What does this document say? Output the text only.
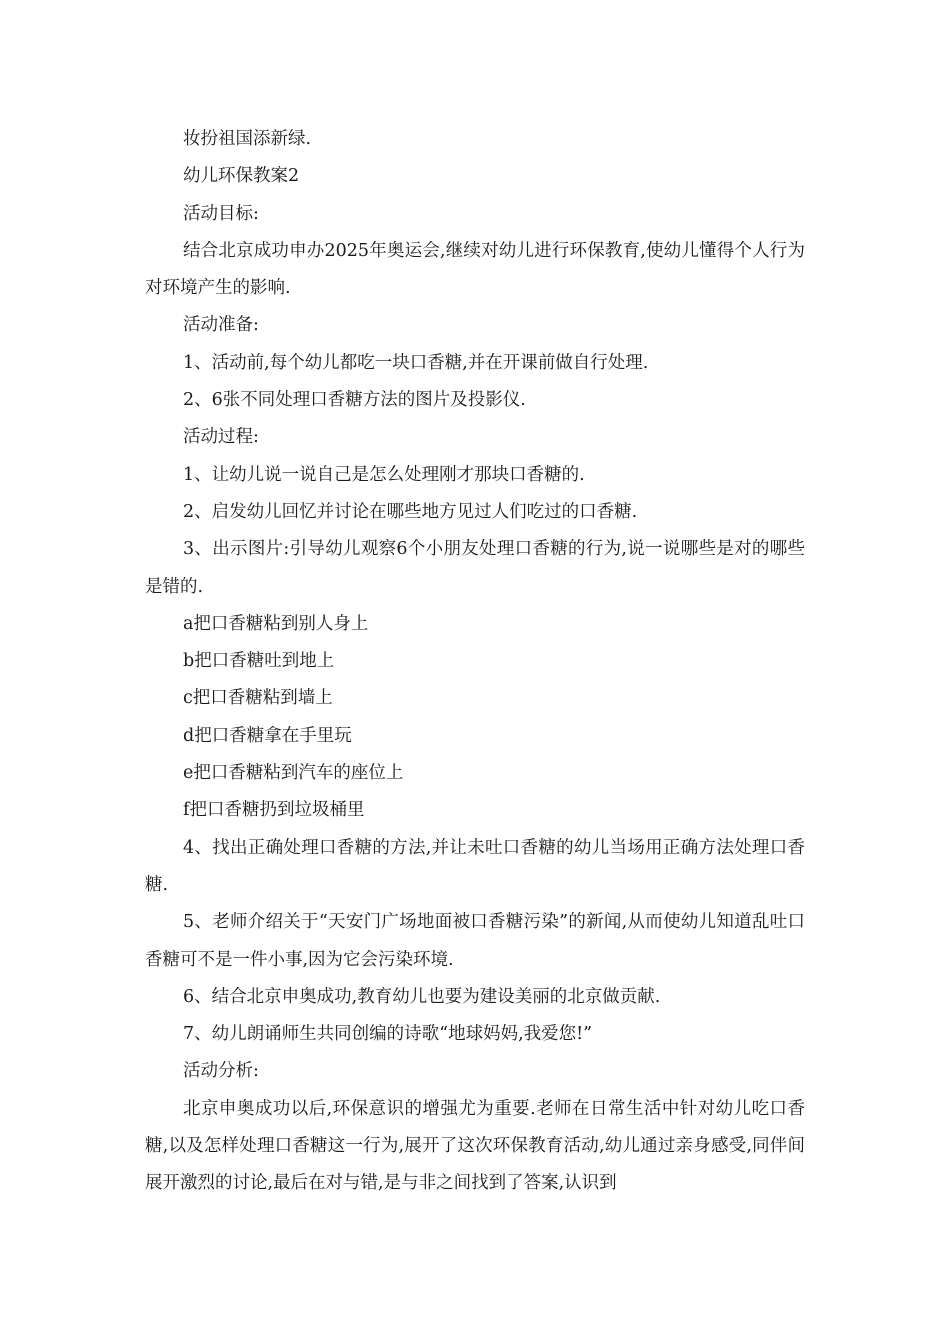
妆扮祖国添新绿.
幼儿环保教案2
活动目标:
结合北京成功申办2025年奥运会,继续对幼儿进行环保教育,使幼儿懂得个人行为对环境产生的影响.
活动准备:
1、活动前,每个幼儿都吃一块口香糖,并在开课前做自行处理.
2、6张不同处理口香糖方法的图片及投影仪.
活动过程:
1、让幼儿说一说自己是怎么处理刚才那块口香糖的.
2、启发幼儿回忆并讨论在哪些地方见过人们吃过的口香糖.
3、出示图片:引导幼儿观察6个小朋友处理口香糖的行为,说一说哪些是对的哪些是错的.
a把口香糖粘到别人身上
b把口香糖吐到地上
c把口香糖粘到墙上
d把口香糖拿在手里玩
e把口香糖粘到汽车的座位上
f把口香糖扔到垃圾桶里
4、找出正确处理口香糖的方法,并让未吐口香糖的幼儿当场用正确方法处理口香糖.
5、老师介绍关于“天安门广场地面被口香糖污染”的新闻,从而使幼儿知道乱吐口香糖可不是一件小事,因为它会污染环境.
6、结合北京申奥成功,教育幼儿也要为建设美丽的北京做贡献.
7、幼儿朗诵师生共同创编的诗歌“地球妈妈,我爱您!”
活动分析:
北京申奥成功以后,环保意识的增强尤为重要.老师在日常生活中针对幼儿吃口香糖,以及怎样处理口香糖这一行为,展开了这次环保教育活动,幼儿通过亲身感受,同伴间展开激烈的讨论,最后在对与错,是与非之间找到了答案,认识到
